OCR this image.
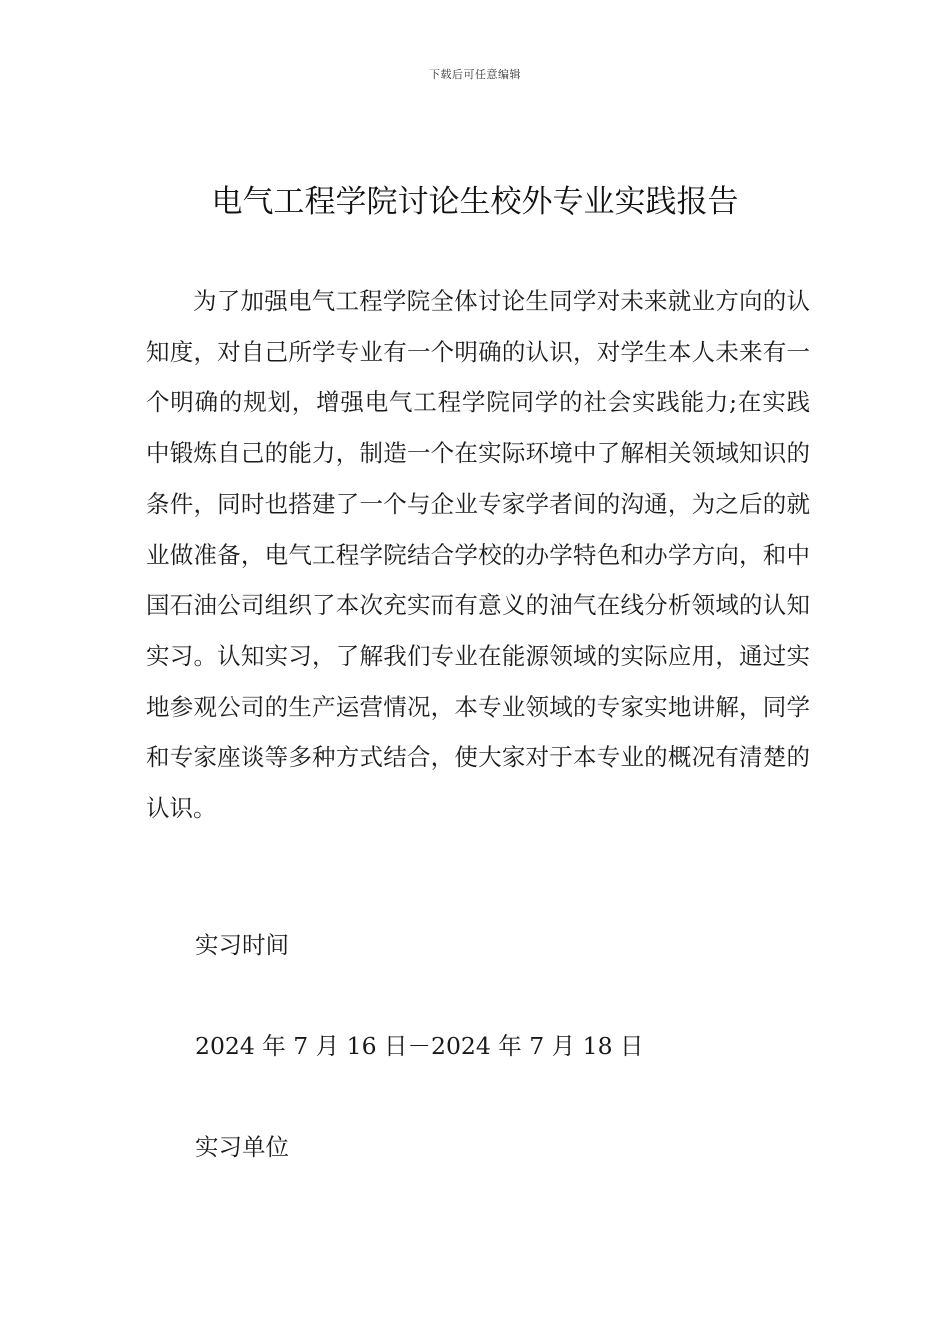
下载后可任意编辑
电气工程学院讨论生校外专业实践报告

为了加强电气工程学院全体讨论生同学对未来就业方向的认知度，对自己所学专业有一个明确的认识，对学生本人未来有一个明确的规划，增强电气工程学院同学的社会实践能力;在实践中锻炼自己的能力，制造一个在实际环境中了解相关领域知识的条件，同时也搭建了一个与企业专家学者间的沟通，为之后的就业做准备，电气工程学院结合学校的办学特色和办学方向，和中国石油公司组织了本次充实而有意义的油气在线分析领域的认知实习。认知实习，了解我们专业在能源领域的实际应用，通过实地参观公司的生产运营情况，本专业领域的专家实地讲解，同学和专家座谈等多种方式结合，使大家对于本专业的概况有清楚的认识。

实习时间

2024 年 7 月 16 日－2024 年 7 月 18 日

实习单位
